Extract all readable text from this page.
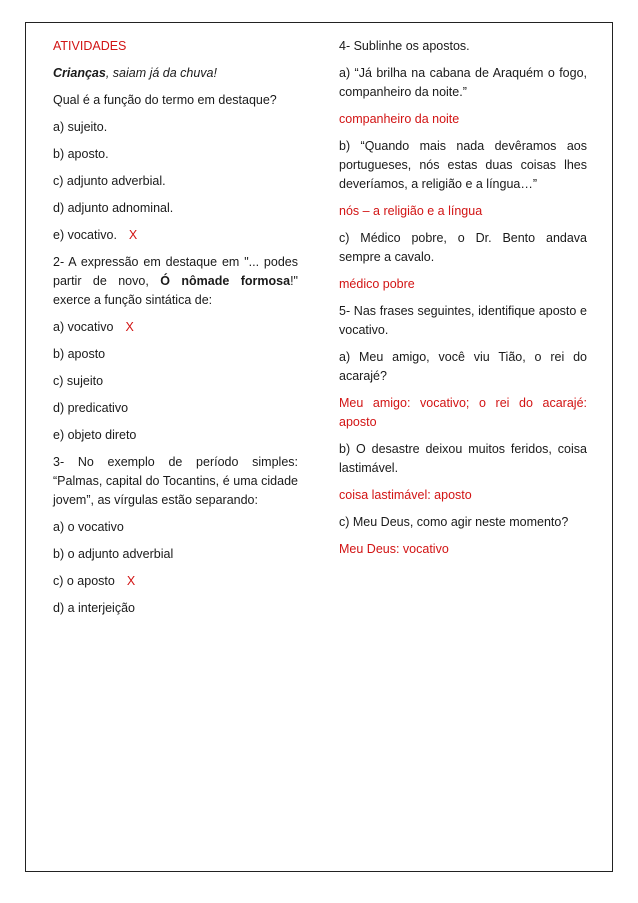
ATIVIDADES

Crianças, saiam já da chuva!

Qual é a função do termo em destaque?

a) sujeito.

b) aposto.

c) adjunto adverbial.

d) adjunto adnominal.

e) vocativo. X

2- A expressão em destaque em "... podes partir de novo, Ó nômade formosa!" exerce a função sintática de:

a) vocativo X

b) aposto

c) sujeito

d) predicativo

e) objeto direto

3- No exemplo de período simples: “Palmas, capital do Tocantins, é uma cidade jovem”, as vírgulas estão separando:

a) o vocativo

b) o adjunto adverbial

c) o aposto X

d) a interjeição

4- Sublinhe os apostos.

a) “Já brilha na cabana de Araquém o fogo, companheiro da noite.”

companheiro da noite

b) “Quando mais nada devêramos aos portugueses, nós estas duas coisas lhes deveríamos, a religião e a língua…”

nós – a religião e a língua

c) Médico pobre, o Dr. Bento andava sempre a cavalo.

médico pobre

5- Nas frases seguintes, identifique aposto e vocativo.

a) Meu amigo, você viu Tião, o rei do acarajé?

Meu amigo: vocativo; o rei do acarajé: aposto

b) O desastre deixou muitos feridos, coisa lastimável.

coisa lastimável: aposto

c) Meu Deus, como agir neste momento?

Meu Deus: vocativo
